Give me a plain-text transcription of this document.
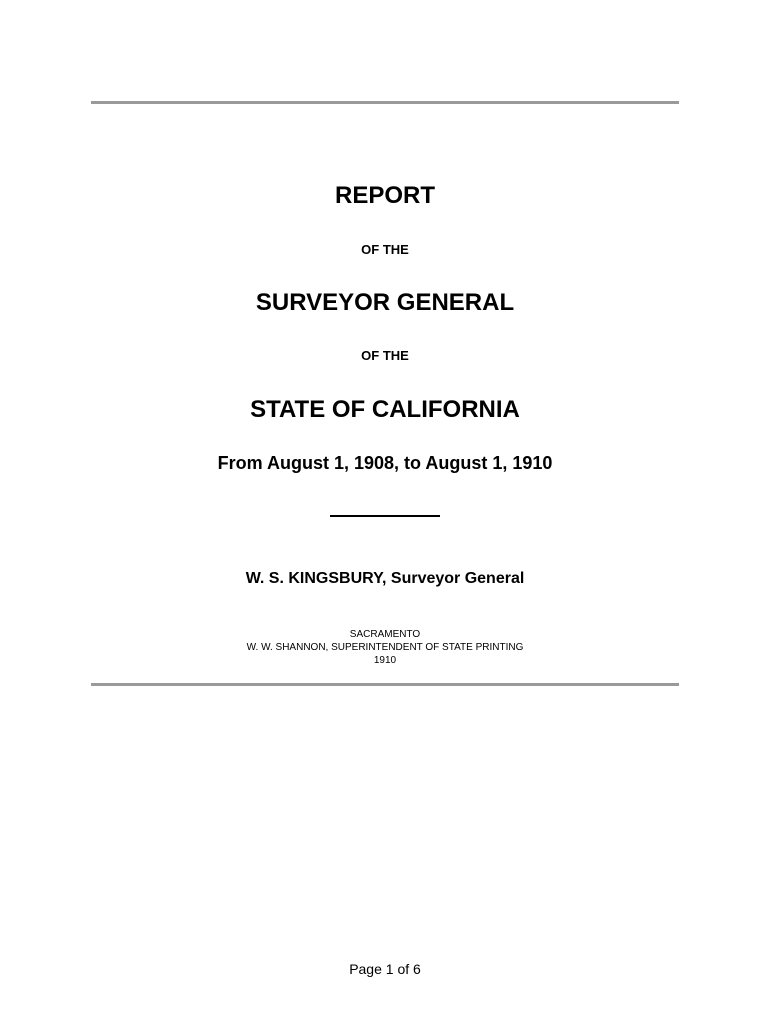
REPORT
OF THE
SURVEYOR GENERAL
OF THE
STATE OF CALIFORNIA
From August 1, 1908, to August 1, 1910
W. S. KINGSBURY, Surveyor General
SACRAMENTO
W. W. SHANNON, SUPERINTENDENT OF STATE PRINTING
1910
Page 1 of 6
